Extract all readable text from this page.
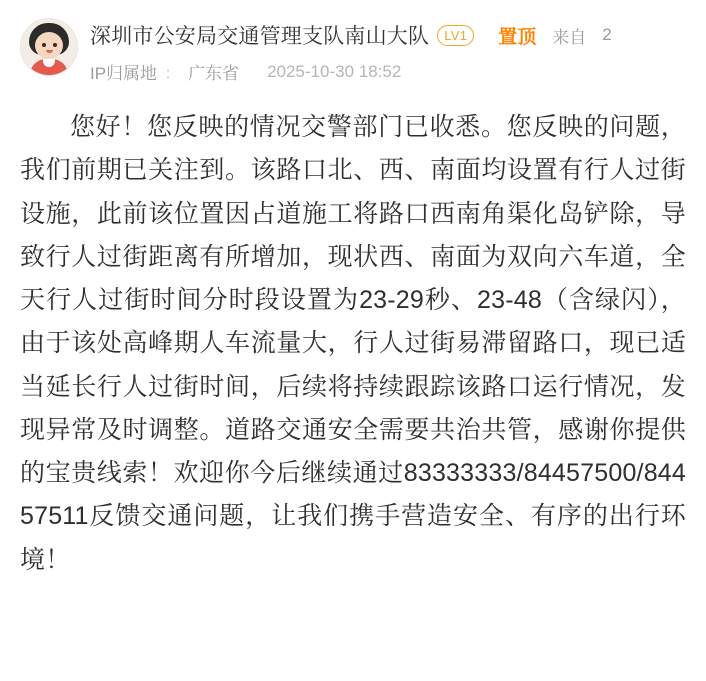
深圳市公安局交通管理支队南山大队	LV1	置顶 来自 2
IP归属地 ： 广东省 2025-10-30 18:52
您好！您反映的情况交警部门已收悉。您反映的问题，我们前期已关注到。该路口北、西、南面均设置有行人过街设施，此前该位置因占道施工将路口西南角渠化岛铲除，导致行人过街距离有所增加，现状西、南面为双向六车道，全天行人过街时间分时段设置为23-29秒、23-48（含绿闪），由于该处高峰期人车流量大，行人过街易滞留路口，现已适当延长行人过街时间，后续将持续跟踪该路口运行情况，发现异常及时调整。道路交通安全需要共治共管，感谢你提供的宝贵线索！欢迎你今后继续通过83333333/84457500/84457511反馈交通问题，让我们携手营造安全、有序的出行环境！
